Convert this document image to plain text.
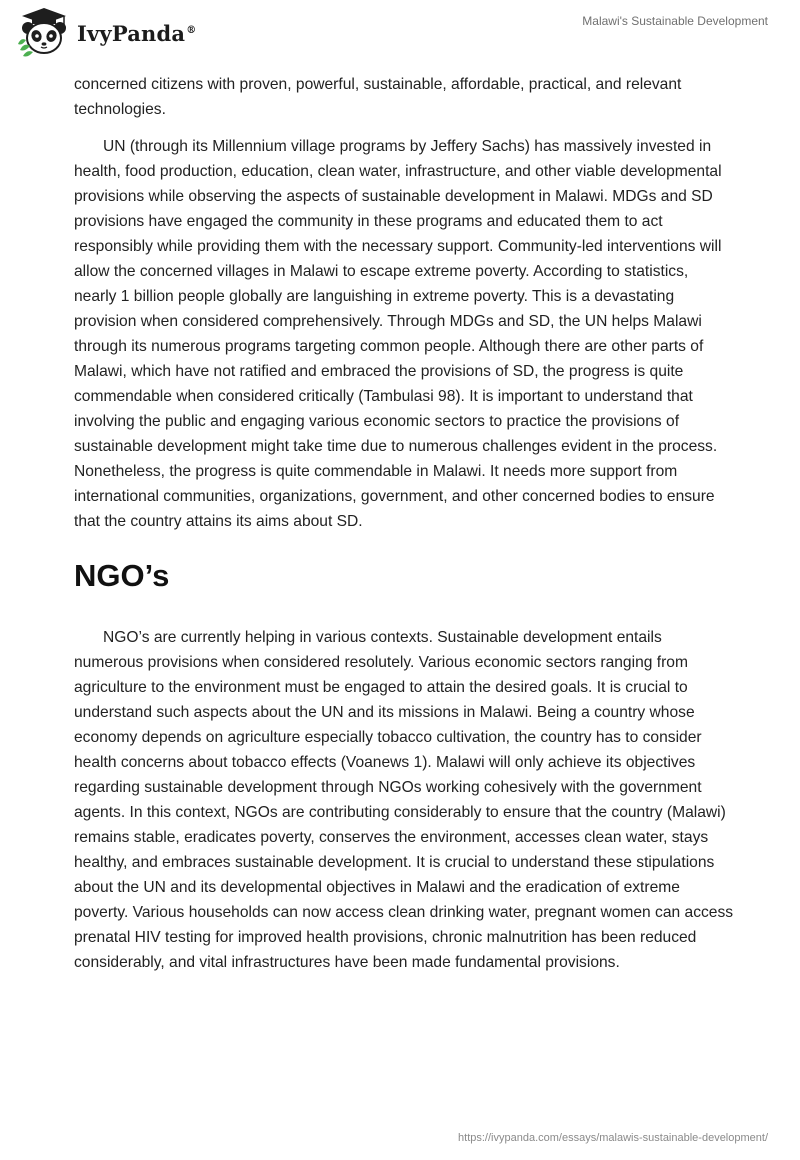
IvyPanda®
Malawi's Sustainable Development

concerned citizens with proven, powerful, sustainable, affordable, practical, and relevant technologies.

UN (through its Millennium village programs by Jeffery Sachs) has massively invested in health, food production, education, clean water, infrastructure, and other viable developmental provisions while observing the aspects of sustainable development in Malawi. MDGs and SD provisions have engaged the community in these programs and educated them to act responsibly while providing them with the necessary support. Community-led interventions will allow the concerned villages in Malawi to escape extreme poverty. According to statistics, nearly 1 billion people globally are languishing in extreme poverty. This is a devastating provision when considered comprehensively. Through MDGs and SD, the UN helps Malawi through its numerous programs targeting common people. Although there are other parts of Malawi, which have not ratified and embraced the provisions of SD, the progress is quite commendable when considered critically (Tambulasi 98). It is important to understand that involving the public and engaging various economic sectors to practice the provisions of sustainable development might take time due to numerous challenges evident in the process. Nonetheless, the progress is quite commendable in Malawi. It needs more support from international communities, organizations, government, and other concerned bodies to ensure that the country attains its aims about SD.

NGO’s

NGO’s are currently helping in various contexts. Sustainable development entails numerous provisions when considered resolutely. Various economic sectors ranging from agriculture to the environment must be engaged to attain the desired goals. It is crucial to understand such aspects about the UN and its missions in Malawi. Being a country whose economy depends on agriculture especially tobacco cultivation, the country has to consider health concerns about tobacco effects (Voanews 1). Malawi will only achieve its objectives regarding sustainable development through NGOs working cohesively with the government agents. In this context, NGOs are contributing considerably to ensure that the country (Malawi) remains stable, eradicates poverty, conserves the environment, accesses clean water, stays healthy, and embraces sustainable development. It is crucial to understand these stipulations about the UN and its developmental objectives in Malawi and the eradication of extreme poverty. Various households can now access clean drinking water, pregnant women can access prenatal HIV testing for improved health provisions, chronic malnutrition has been reduced considerably, and vital infrastructures have been made fundamental provisions.

https://ivypanda.com/essays/malawis-sustainable-development/
